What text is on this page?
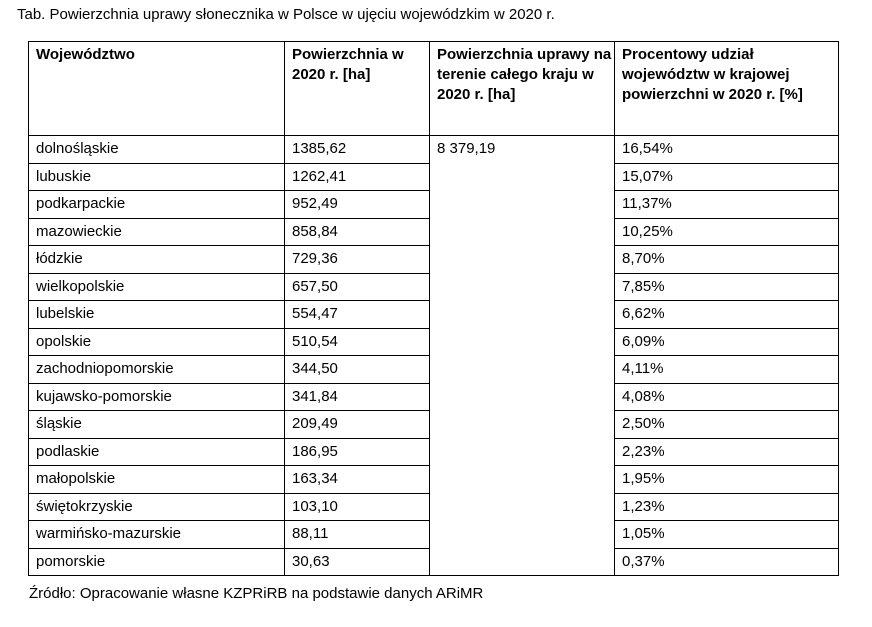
Tab. Powierzchnia uprawy słonecznika w Polsce w ujęciu wojewódzkim w 2020 r.
Województwo	Powierzchnia w 2020 r. [ha]	Powierzchnia uprawy na terenie całego kraju w 2020 r. [ha]	Procentowy udział województw w krajowej powierzchni w 2020 r. [%]
dolnośląskie	1385,62	8 379,19	16,54%
lubuskie	1262,41		15,07%
podkarpackie	952,49		11,37%
mazowieckie	858,84		10,25%
łódzkie	729,36		8,70%
wielkopolskie	657,50		7,85%
lubelskie	554,47		6,62%
opolskie	510,54		6,09%
zachodniopomorskie	344,50		4,11%
kujawsko-pomorskie	341,84		4,08%
śląskie	209,49		2,50%
podlaskie	186,95		2,23%
małopolskie	163,34		1,95%
świętokrzyskie	103,10		1,23%
warmińsko-mazurskie	88,11		1,05%
pomorskie	30,63		0,37%
Źródło: Opracowanie własne KZPRiRB na podstawie danych ARiMR
